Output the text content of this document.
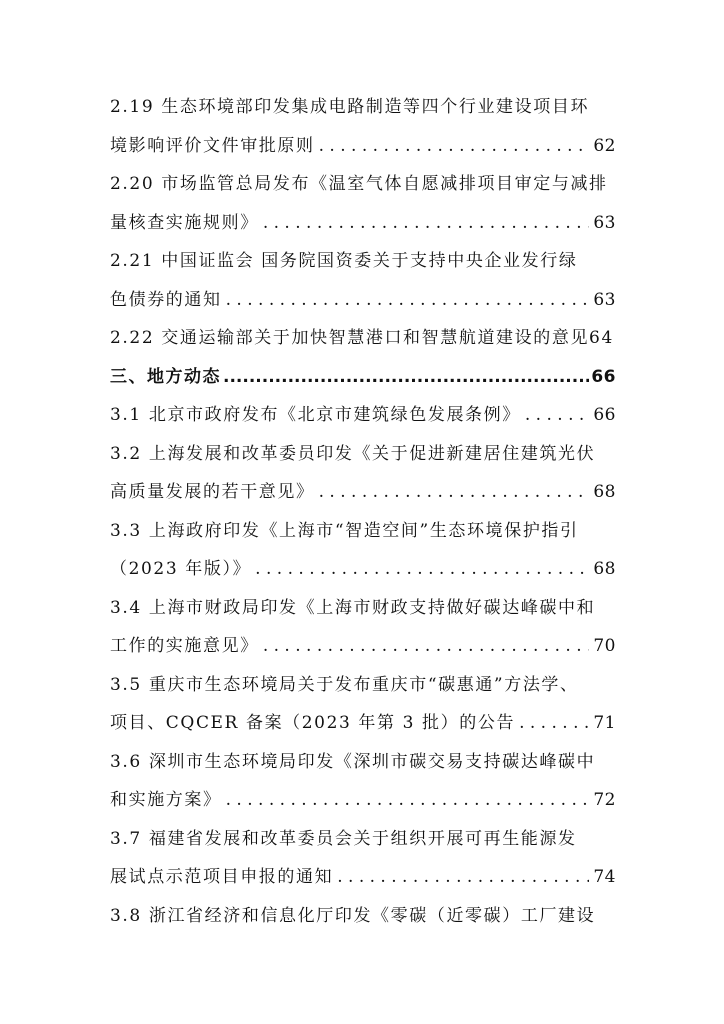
2.19 生态环境部印发集成电路制造等四个行业建设项目环
境影响评价文件审批原则 . . .	62
2.20 市场监管总局发布《温室气体自愿减排项目审定与减排
量核查实施规则》 . . .	63
2.21 中国证监会 国务院国资委关于支持中央企业发行绿
色债券的通知 . . .	63
2.22 交通运输部关于加快智慧港口和智慧航道建设的意见64
三、地方动态 .....	66
3.1 北京市政府发布《北京市建筑绿色发展条例》 . . .	66
3.2 上海发展和改革委员印发《关于促进新建居住建筑光伏
高质量发展的若干意见》 . . .	68
3.3 上海政府印发《上海市“智造空间”生态环境保护指引
（2023 年版）》 . . .	68
3.4 上海市财政局印发《上海市财政支持做好碳达峰碳中和
工作的实施意见》 . . .	70
3.5 重庆市生态环境局关于发布重庆市“碳惠通”方法学、
项目、CQCER 备案（2023 年第 3 批）的公告 . . .	71
3.6 深圳市生态环境局印发《深圳市碳交易支持碳达峰碳中
和实施方案》 . . .	72
3.7 福建省发展和改革委员会关于组织开展可再生能源发
展试点示范项目申报的通知 . . .	74
3.8 浙江省经济和信息化厅印发《零碳（近零碳）工厂建设
